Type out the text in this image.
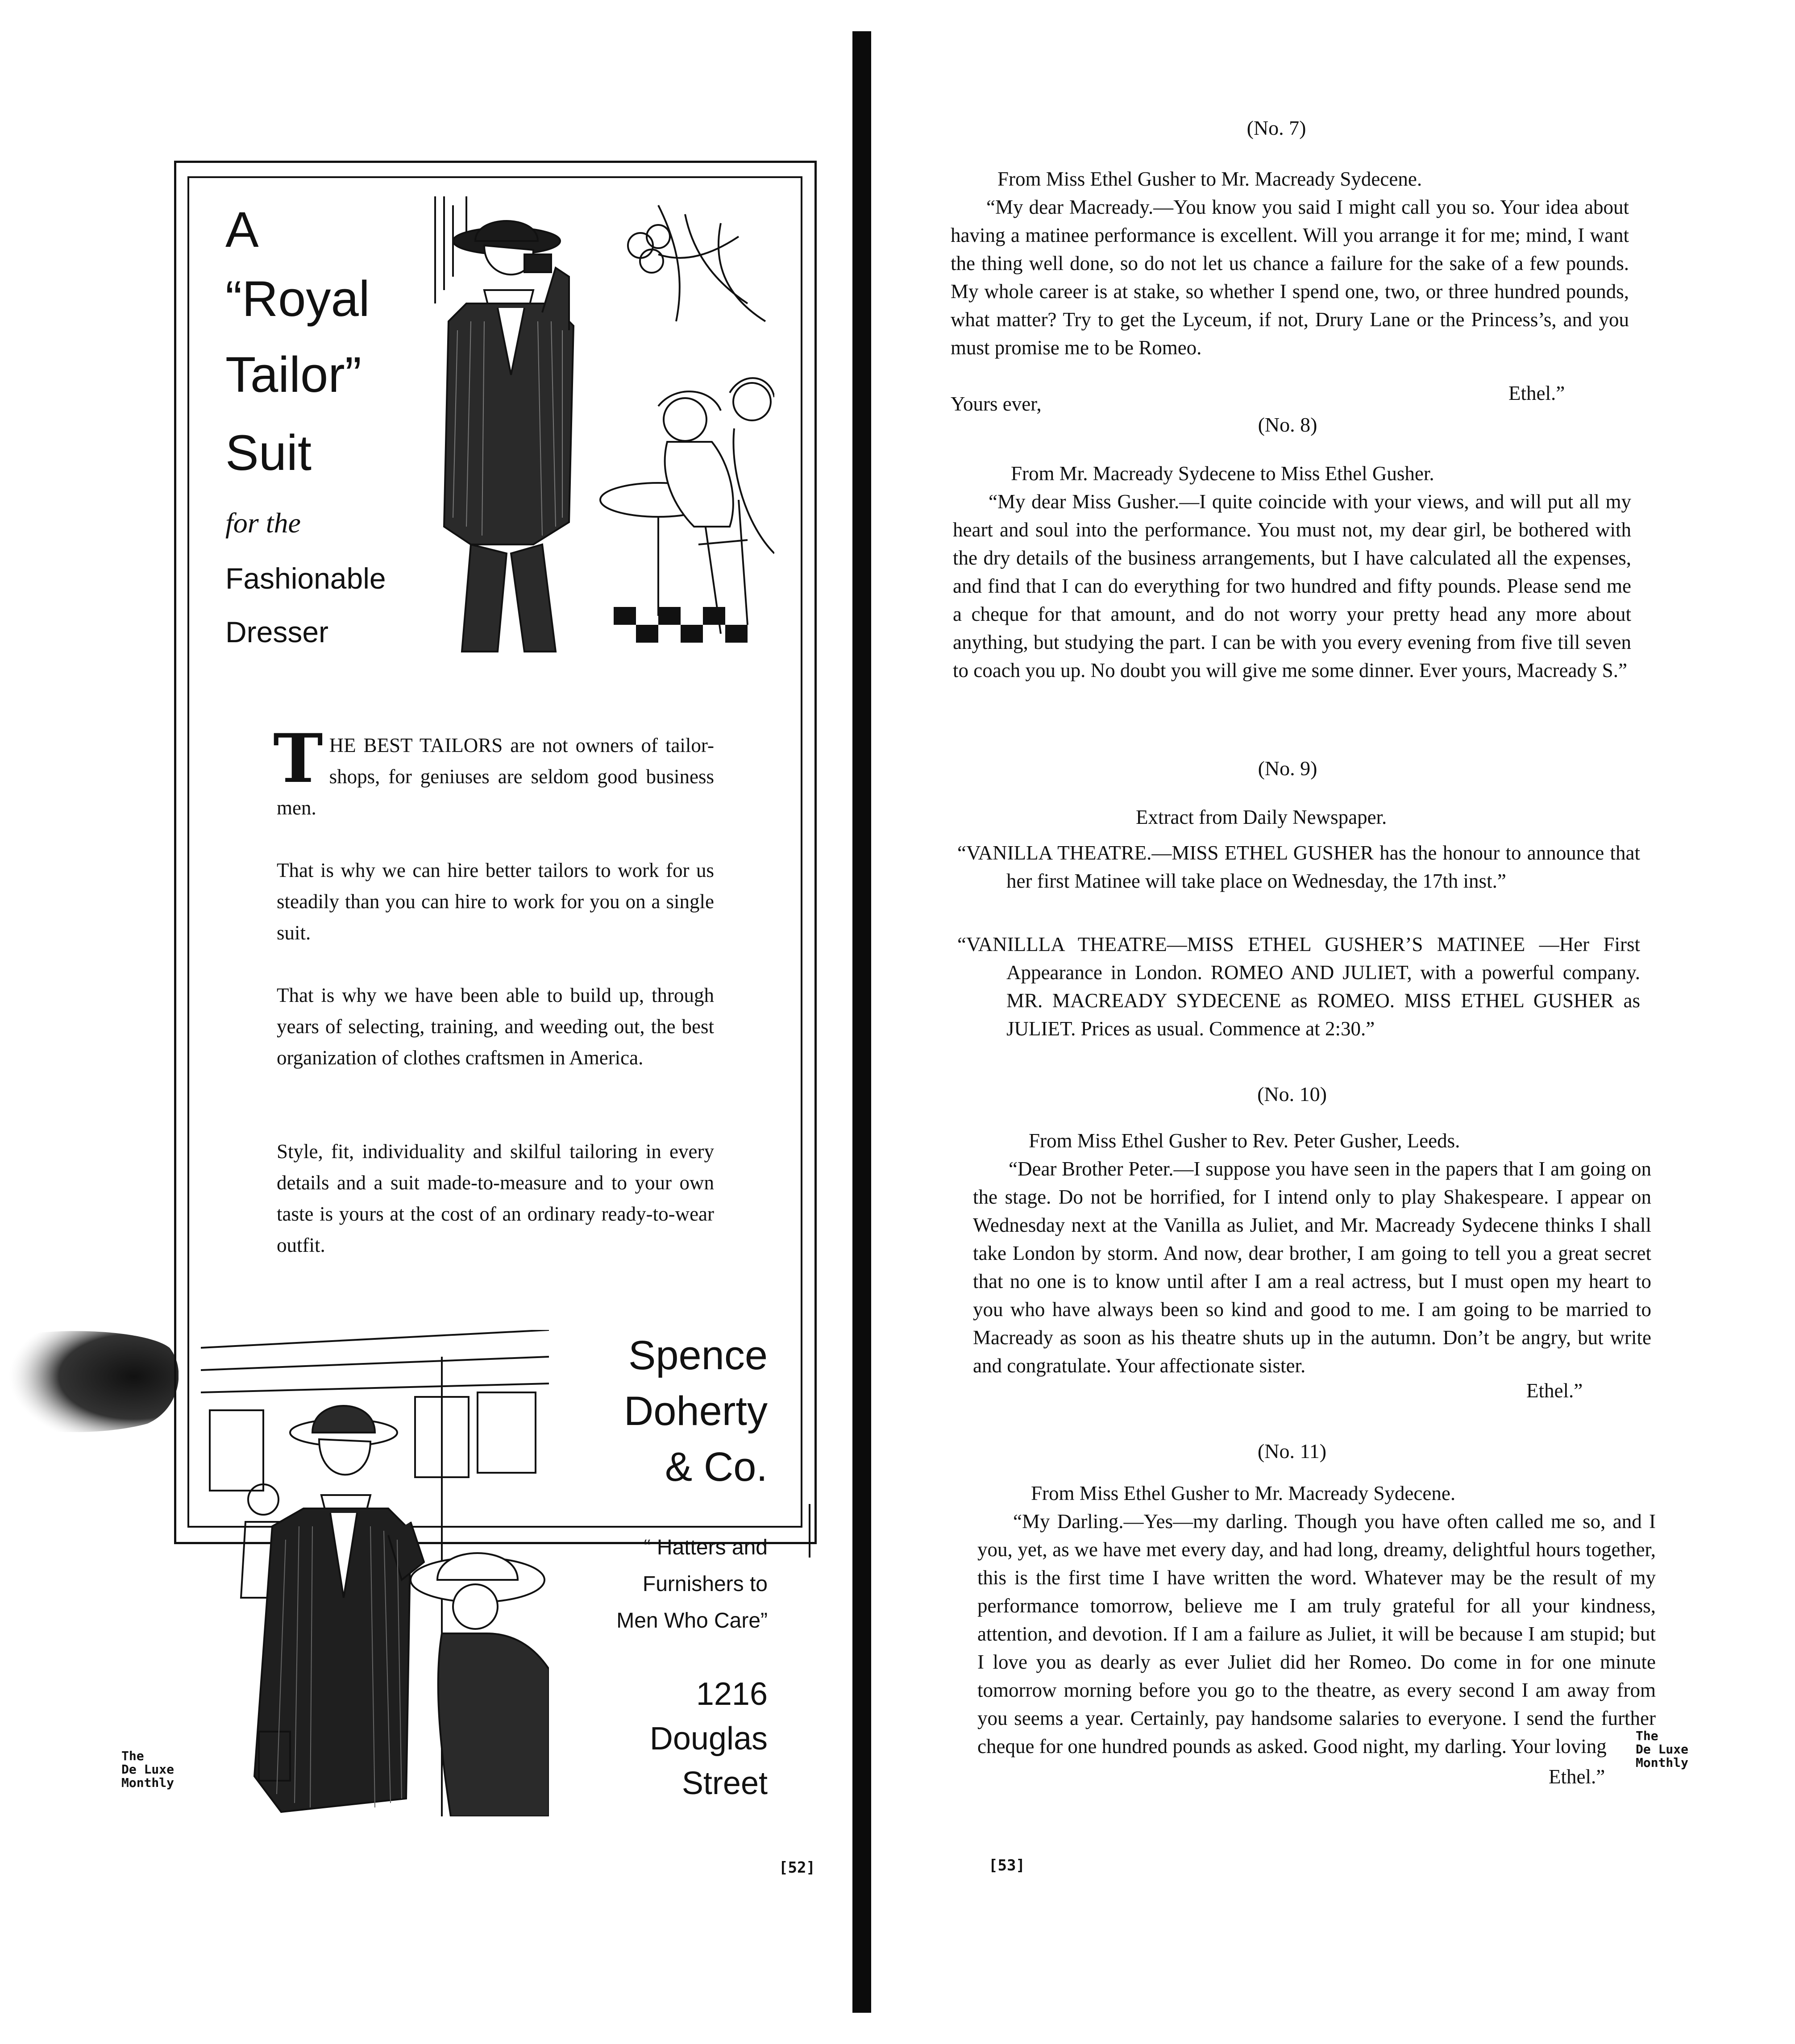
A
“Royal
Tailor”
Suit
for the
Fashionable
Dresser
THE BEST TAILORS are not owners of tailor-shops, for geniuses are seldom good business men.
That is why we can hire better tailors to work for us steadily than you can hire to work for you on a single suit.
That is why we have been able to build up, through years of selecting, training, and weeding out, the best organization of clothes craftsmen in America.
Style, fit, individuality and skilful tailoring in every details and a suit made-to-measure and to your own taste is yours at the cost of an ordinary ready-to-wear outfit.
Spence
Doherty
& Co.
“ Hatters and
Furnishers to
Men Who Care”
1216
Douglas
Street
The
De Luxe
Monthly
[52]
(No. 7)
From Miss Ethel Gusher to Mr. Macready Sydecene.
“My dear Macready.—You know you said I might call you so. Your idea about having a matinee performance is excellent. Will you arrange it for me; mind, I want the thing well done, so do not let us chance a failure for the sake of a few pounds. My whole career is at stake, so whether I spend one, two, or three hundred pounds, what matter? Try to get the Lyceum, if not, Drury Lane or the Princess’s, and you must promise me to be Romeo.
Yours ever,	Ethel.”
(No. 8)
From Mr. Macready Sydecene to Miss Ethel Gusher.
“My dear Miss Gusher.—I quite coincide with your views, and will put all my heart and soul into the performance. You must not, my dear girl, be bothered with the dry details of the business arrangements, but I have calculated all the expenses, and find that I can do everything for two hundred and fifty pounds. Please send me a cheque for that amount, and do not worry your pretty head any more about anything, but studying the part. I can be with you every evening from five till seven to coach you up. No doubt you will give me some dinner. Ever yours, Macready S.”
(No. 9)
Extract from Daily Newspaper.
“VANILLA THEATRE.—MISS ETHEL GUSHER has the honour to announce that her first Matinee will take place on Wednesday, the 17th inst.”
“VANILLLA THEATRE—MISS ETHEL GUSHER’S MATINEE —Her First Appearance in London. ROMEO AND JULIET, with a powerful company. MR. MACREADY SYDECENE as ROMEO. MISS ETHEL GUSHER as JULIET. Prices as usual. Commence at 2:30.”
(No. 10)
From Miss Ethel Gusher to Rev. Peter Gusher, Leeds.
“Dear Brother Peter.—I suppose you have seen in the papers that I am going on the stage. Do not be horrified, for I intend only to play Shakespeare. I appear on Wednesday next at the Vanilla as Juliet, and Mr. Macready Sydecene thinks I shall take London by storm. And now, dear brother, I am going to tell you a great secret that no one is to know until after I am a real actress, but I must open my heart to you who have always been so kind and good to me. I am going to be married to Macready as soon as his theatre shuts up in the autumn. Don’t be angry, but write and congratulate. Your affectionate sister.
Ethel.”
(No. 11)
From Miss Ethel Gusher to Mr. Macready Sydecene.
“My Darling.—Yes—my darling. Though you have often called me so, and I you, yet, as we have met every day, and had long, dreamy, delightful hours together, this is the first time I have written the word. Whatever may be the result of my performance tomorrow, believe me I am truly grateful for all your kindness, attention, and devotion. If I am a failure as Juliet, it will be because I am stupid; but I love you as dearly as ever Juliet did her Romeo. Do come in for one minute tomorrow morning before you go to the theatre, as every second I am away from you seems a year. Certainly, pay handsome salaries to everyone. I send the further cheque for one hundred pounds as asked. Good night, my darling. Your loving
Ethel.”
The
De Luxe
Monthly
[53]
